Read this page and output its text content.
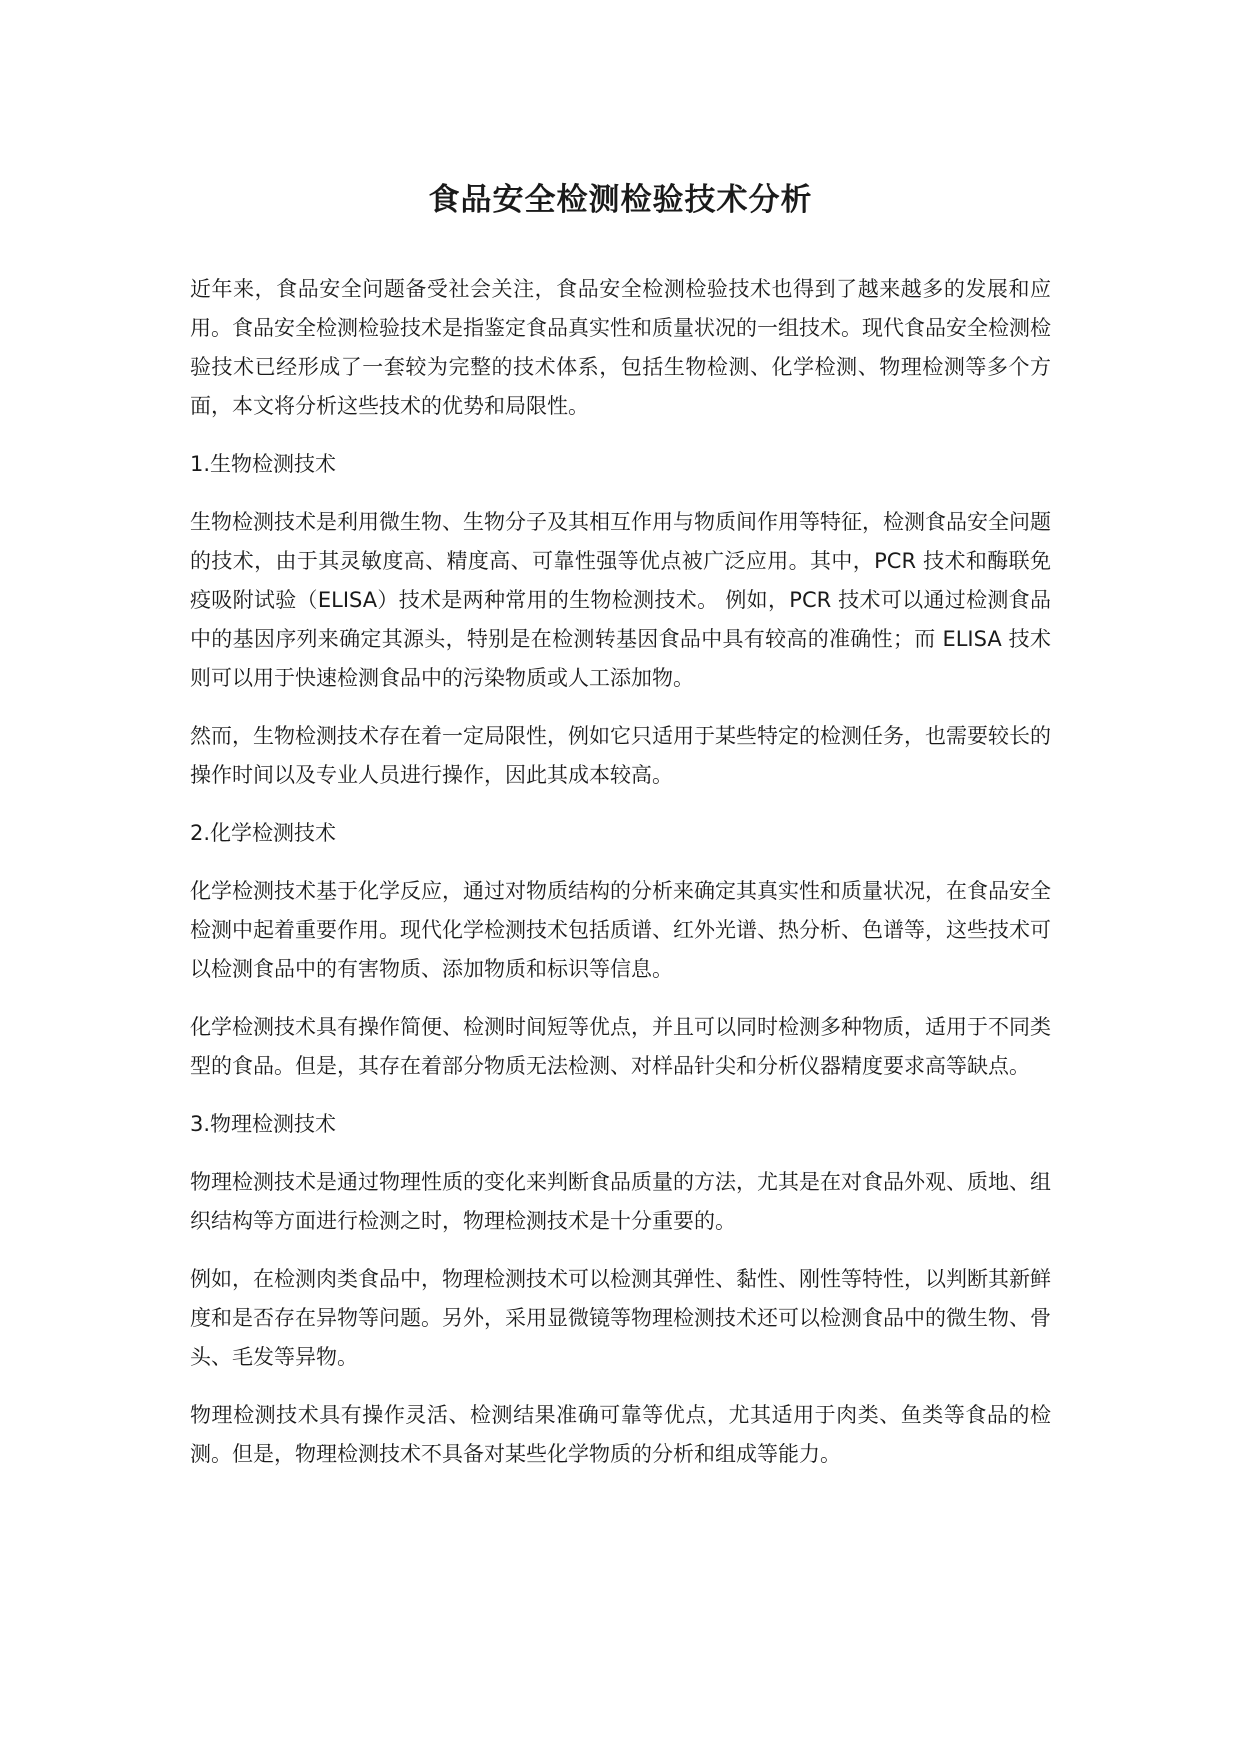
食品安全检测检验技术分析

近年来，食品安全问题备受社会关注，食品安全检测检验技术也得到了越来越多的发展和应用。食品安全检测检验技术是指鉴定食品真实性和质量状况的一组技术。现代食品安全检测检验技术已经形成了一套较为完整的技术体系，包括生物检测、化学检测、物理检测等多个方面，本文将分析这些技术的优势和局限性。

1.生物检测技术

生物检测技术是利用微生物、生物分子及其相互作用与物质间作用等特征，检测食品安全问题的技术，由于其灵敏度高、精度高、可靠性强等优点被广泛应用。其中，PCR 技术和酶联免疫吸附试验（ELISA）技术是两种常用的生物检测技术。 例如，PCR 技术可以通过检测食品中的基因序列来确定其源头，特别是在检测转基因食品中具有较高的准确性；而 ELISA 技术则可以用于快速检测食品中的污染物质或人工添加物。

然而，生物检测技术存在着一定局限性，例如它只适用于某些特定的检测任务，也需要较长的操作时间以及专业人员进行操作，因此其成本较高。

2.化学检测技术

化学检测技术基于化学反应，通过对物质结构的分析来确定其真实性和质量状况，在食品安全检测中起着重要作用。现代化学检测技术包括质谱、红外光谱、热分析、色谱等，这些技术可以检测食品中的有害物质、添加物质和标识等信息。

化学检测技术具有操作简便、检测时间短等优点，并且可以同时检测多种物质，适用于不同类型的食品。但是，其存在着部分物质无法检测、对样品针尖和分析仪器精度要求高等缺点。

3.物理检测技术

物理检测技术是通过物理性质的变化来判断食品质量的方法，尤其是在对食品外观、质地、组织结构等方面进行检测之时，物理检测技术是十分重要的。

例如，在检测肉类食品中，物理检测技术可以检测其弹性、黏性、刚性等特性，以判断其新鲜度和是否存在异物等问题。另外，采用显微镜等物理检测技术还可以检测食品中的微生物、骨头、毛发等异物。

物理检测技术具有操作灵活、检测结果准确可靠等优点，尤其适用于肉类、鱼类等食品的检测。但是，物理检测技术不具备对某些化学物质的分析和组成等能力。
